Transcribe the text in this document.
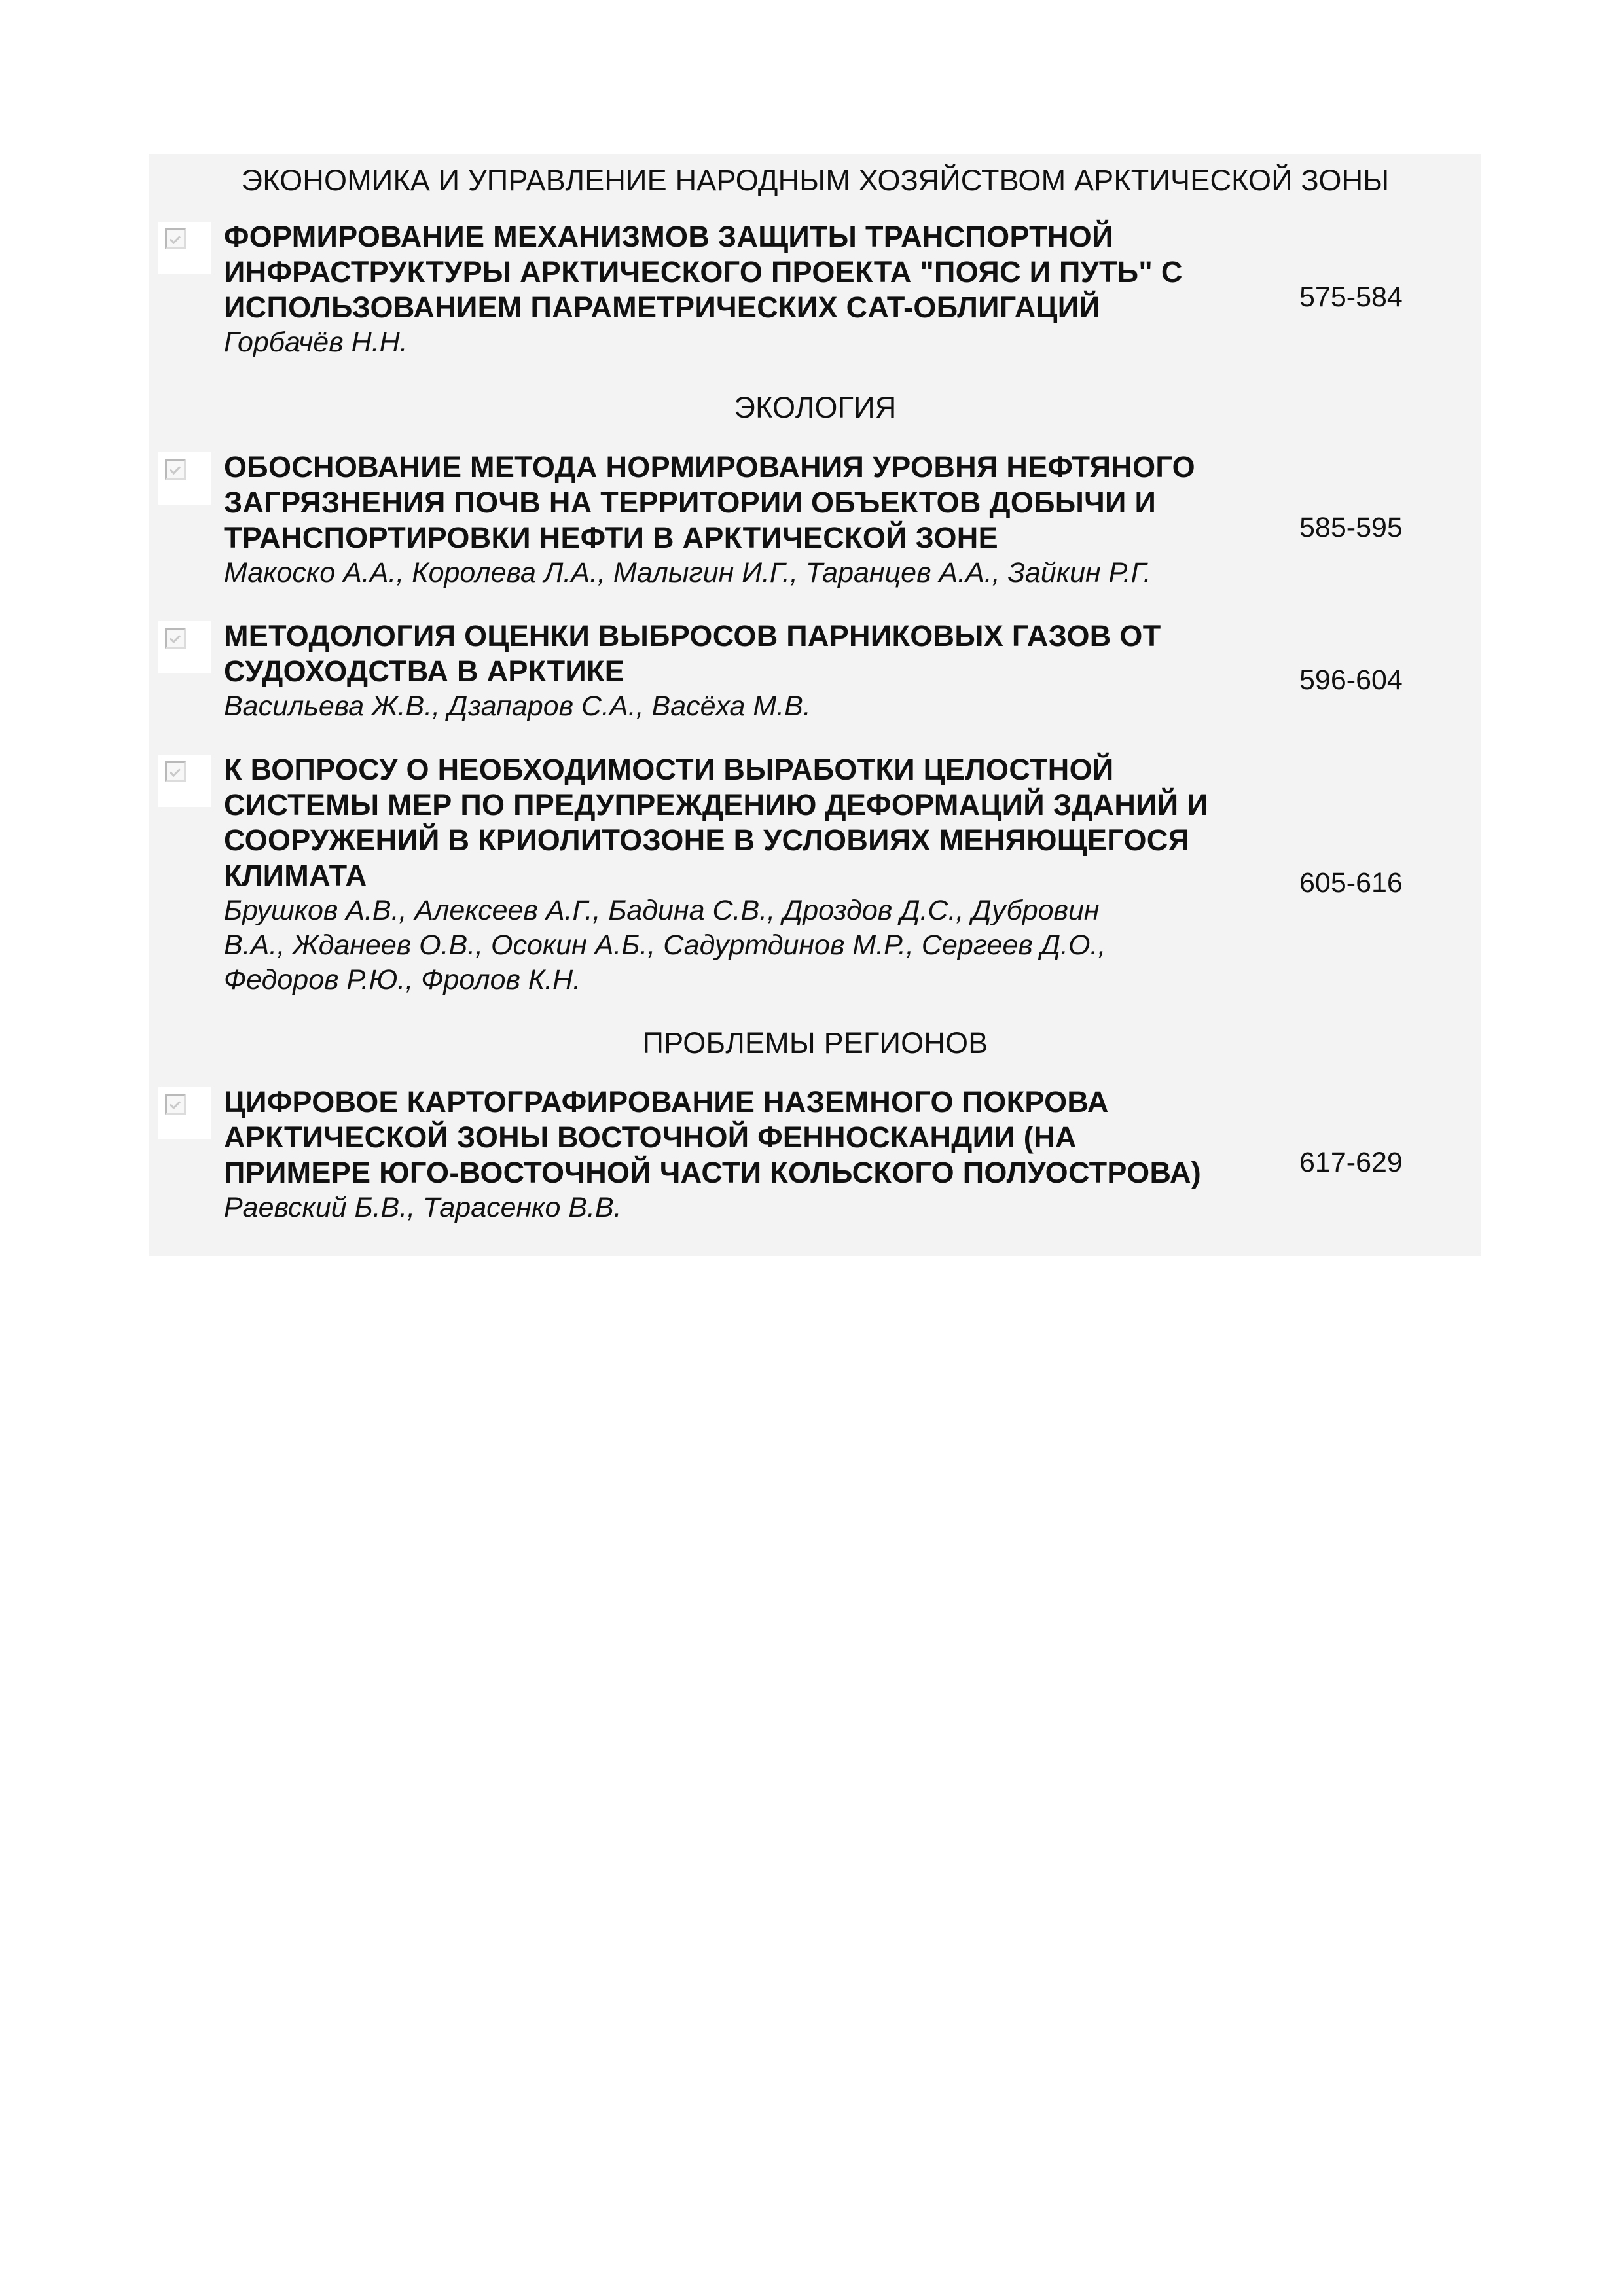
ЭКОНОМИКА И УПРАВЛЕНИЕ НАРОДНЫМ ХОЗЯЙСТВОМ АРКТИЧЕСКОЙ ЗОНЫ
ФОРМИРОВАНИЕ МЕХАНИЗМОВ ЗАЩИТЫ ТРАНСПОРТНОЙ
ИНФРАСТРУКТУРЫ АРКТИЧЕСКОГО ПРОЕКТА "ПОЯС И ПУТЬ" С
ИСПОЛЬЗОВАНИЕМ ПАРАМЕТРИЧЕСКИХ CAT-ОБЛИГАЦИЙ
Горбачёв Н.Н.
575-584
ЭКОЛОГИЯ
ОБОСНОВАНИЕ МЕТОДА НОРМИРОВАНИЯ УРОВНЯ НЕФТЯНОГО
ЗАГРЯЗНЕНИЯ ПОЧВ НА ТЕРРИТОРИИ ОБЪЕКТОВ ДОБЫЧИ И
ТРАНСПОРТИРОВКИ НЕФТИ В АРКТИЧЕСКОЙ ЗОНЕ
Макоско А.А., Королева Л.А., Малыгин И.Г., Таранцев А.А., Зайкин Р.Г.
585-595
МЕТОДОЛОГИЯ ОЦЕНКИ ВЫБРОСОВ ПАРНИКОВЫХ ГАЗОВ ОТ
СУДОХОДСТВА В АРКТИКЕ
Васильева Ж.В., Дзапаров С.А., Васёха М.В.
596-604
К ВОПРОСУ О НЕОБХОДИМОСТИ ВЫРАБОТКИ ЦЕЛОСТНОЙ
СИСТЕМЫ МЕР ПО ПРЕДУПРЕЖДЕНИЮ ДЕФОРМАЦИЙ ЗДАНИЙ И
СООРУЖЕНИЙ В КРИОЛИТОЗОНЕ В УСЛОВИЯХ МЕНЯЮЩЕГОСЯ
КЛИМАТА
Брушков А.В., Алексеев А.Г., Бадина С.В., Дроздов Д.С., Дубровин
В.А., Жданеев О.В., Осокин А.Б., Садуртдинов М.Р., Сергеев Д.О.,
Федоров Р.Ю., Фролов К.Н.
605-616
ПРОБЛЕМЫ РЕГИОНОВ
ЦИФРОВОЕ КАРТОГРАФИРОВАНИЕ НАЗЕМНОГО ПОКРОВА
АРКТИЧЕСКОЙ ЗОНЫ ВОСТОЧНОЙ ФЕННОСКАНДИИ (НА
ПРИМЕРЕ ЮГО-ВОСТОЧНОЙ ЧАСТИ КОЛЬСКОГО ПОЛУОСТРОВА)
Раевский Б.В., Тарасенко В.В.
617-629
